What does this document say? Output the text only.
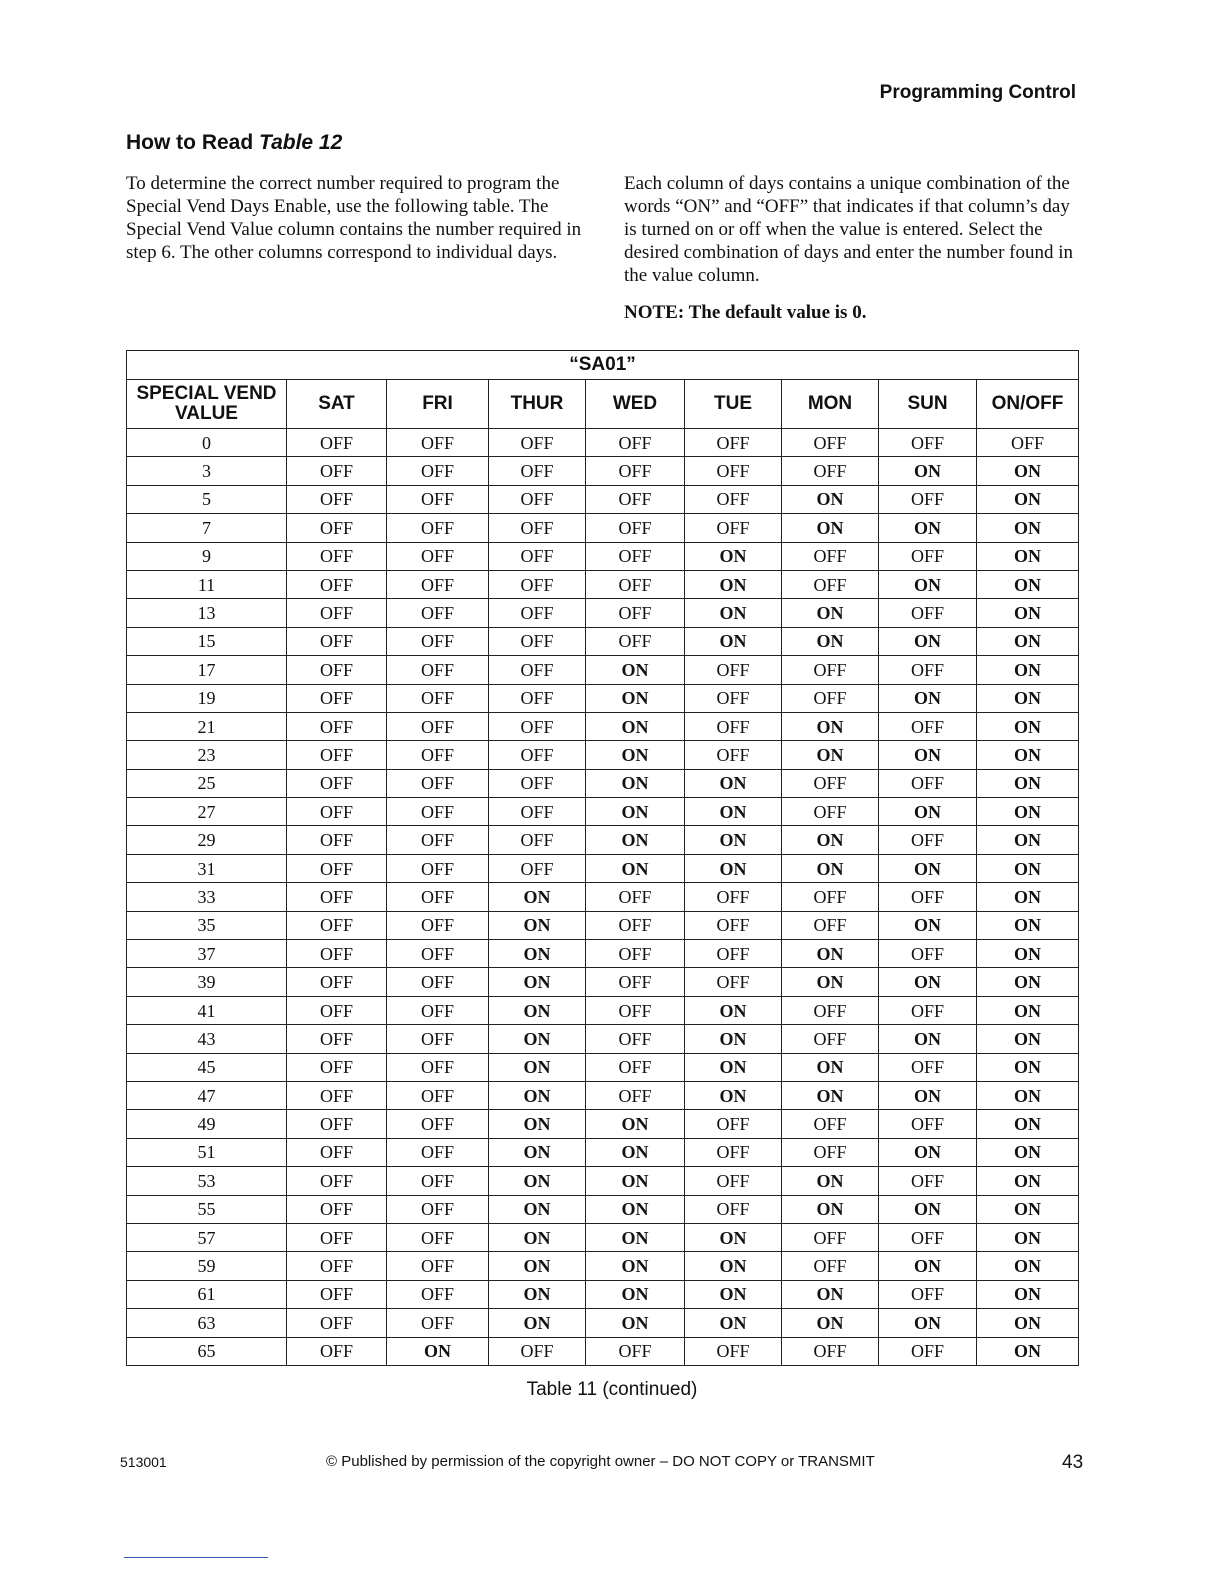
Programming Control
How to Read Table 12

To determine the correct number required to program the Special Vend Days Enable, use the following table. The Special Vend Value column contains the number required in step 6. The other columns correspond to individual days.

Each column of days contains a unique combination of the words “ON” and “OFF” that indicates if that column’s day is turned on or off when the value is entered. Select the desired combination of days and enter the number found in the value column.

NOTE: The default value is 0.
“SA01”								
SPECIAL VEND VALUE	SAT	FRI	THUR	WED	TUE	MON	SUN	ON/OFF
0	OFF	OFF	OFF	OFF	OFF	OFF	OFF	OFF
3	OFF	OFF	OFF	OFF	OFF	OFF	ON	ON
5	OFF	OFF	OFF	OFF	OFF	ON	OFF	ON
7	OFF	OFF	OFF	OFF	OFF	ON	ON	ON
9	OFF	OFF	OFF	OFF	ON	OFF	OFF	ON
11	OFF	OFF	OFF	OFF	ON	OFF	ON	ON
13	OFF	OFF	OFF	OFF	ON	ON	OFF	ON
15	OFF	OFF	OFF	OFF	ON	ON	ON	ON
17	OFF	OFF	OFF	ON	OFF	OFF	OFF	ON
19	OFF	OFF	OFF	ON	OFF	OFF	ON	ON
21	OFF	OFF	OFF	ON	OFF	ON	OFF	ON
23	OFF	OFF	OFF	ON	OFF	ON	ON	ON
25	OFF	OFF	OFF	ON	ON	OFF	OFF	ON
27	OFF	OFF	OFF	ON	ON	OFF	ON	ON
29	OFF	OFF	OFF	ON	ON	ON	OFF	ON
31	OFF	OFF	OFF	ON	ON	ON	ON	ON
33	OFF	OFF	ON	OFF	OFF	OFF	OFF	ON
35	OFF	OFF	ON	OFF	OFF	OFF	ON	ON
37	OFF	OFF	ON	OFF	OFF	ON	OFF	ON
39	OFF	OFF	ON	OFF	OFF	ON	ON	ON
41	OFF	OFF	ON	OFF	ON	OFF	OFF	ON
43	OFF	OFF	ON	OFF	ON	OFF	ON	ON
45	OFF	OFF	ON	OFF	ON	ON	OFF	ON
47	OFF	OFF	ON	OFF	ON	ON	ON	ON
49	OFF	OFF	ON	ON	OFF	OFF	OFF	ON
51	OFF	OFF	ON	ON	OFF	OFF	ON	ON
53	OFF	OFF	ON	ON	OFF	ON	OFF	ON
55	OFF	OFF	ON	ON	OFF	ON	ON	ON
57	OFF	OFF	ON	ON	ON	OFF	OFF	ON
59	OFF	OFF	ON	ON	ON	OFF	ON	ON
61	OFF	OFF	ON	ON	ON	ON	OFF	ON
63	OFF	OFF	ON	ON	ON	ON	ON	ON
65	OFF	ON	OFF	OFF	OFF	OFF	OFF	ON
Table 11 (continued)
513001	© Published by permission of the copyright owner – DO NOT COPY or TRANSMIT	43
